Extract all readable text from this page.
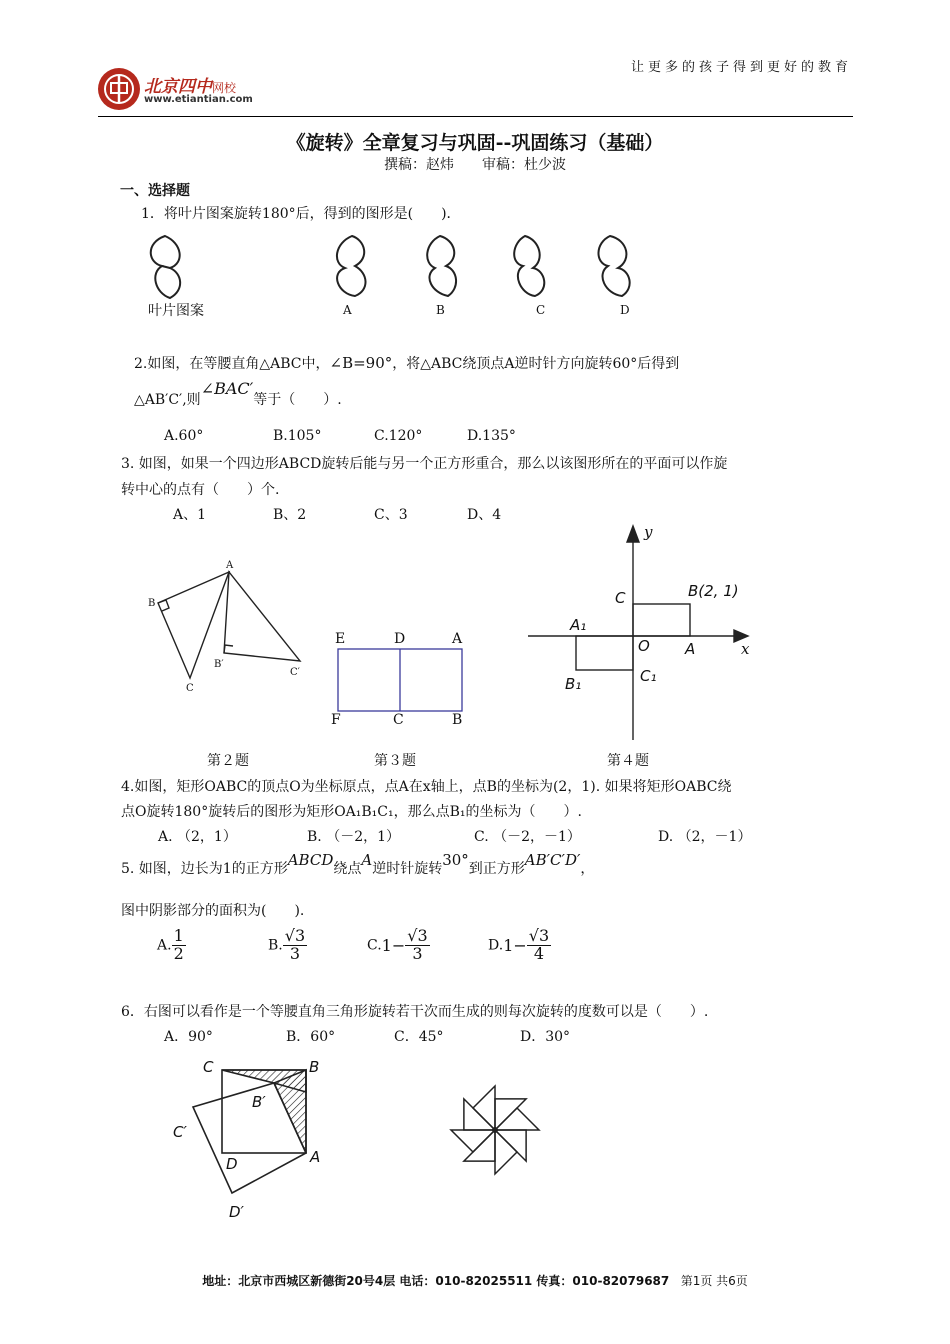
让更多的孩子得到更好的教育
北京四中网校
www.etiantian.com
《旋转》全章复习与巩固--巩固练习（基础）
撰稿：赵炜　　审稿：杜少波
一、选择题
1．将叶片图案旋转180°后，得到的图形是(　　)．
叶片图案	A	B	C	D
2.如图，在等腰直角△ABC中，∠B=90°，将△ABC绕顶点A逆时针方向旋转60°后得到
△AB′C′,则∠BAC′等于（　　）.
A.60°	B.105°	C.120°	D.135°
3. 如图，如果一个四边形ABCD旋转后能与另一个正方形重合，那么以该图形所在的平面可以作旋
转中心的点有（　　）个.
A、1	B、2	C、3	D、4
A
B
C
B′
C′
第２题
E	D	A
F	C	B
第３题
y
x
C	B(2, 1)
A₁
O A
B₁	C₁
第４题
4.如图，矩形OABC的顶点O为坐标原点，点A在x轴上，点B的坐标为(2，1). 如果将矩形OABC绕
点O旋转180°旋转后的图形为矩形OA₁B₁C₁，那么点B₁的坐标为（　　）.
A. （2，1）	B. （－2，1）	C. （－2，－1）	D. （2，－1）
5. 如图，边长为1的正方形ABCD绕点A逆时针旋转30°到正方形AB′C′D′，
图中阴影部分的面积为(　　).
A. $\frac{1}{2}$	B. $\frac{√3}{3}$	$C.1- \frac{√3}{3}$	$D.1- \frac{√3}{4}$
6．右图可以看作是一个等腰直角三角形旋转若干次而生成的则每次旋转的度数可以是（　　）.
A．90°	B．60°	C．45°	D．30°
C	B
B′
C′
D	A
D′
地址：北京市西城区新德街20号4层 电话：010-82025511 传真：010-82079687 第1页 共6页
